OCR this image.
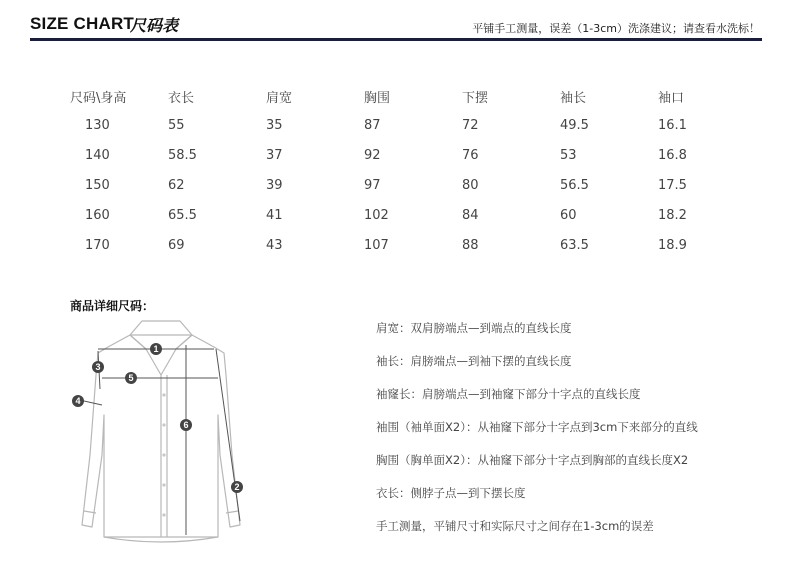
SIZE CHART
尺码表	平铺手工测量，误差（1-3cm）洗涤建议；请查看水洗标！
尺码\身高	衣长	肩宽	胸围	下摆	袖长	袖口
130	55	35	87	72	49.5	16.1
140	58.5	37	92	76	53	16.8
150	62	39	97	80	56.5	17.5
160	65.5	41	102	84	60	18.2
170	69	43	107	88	63.5	18.9
商品详细尺码：
1
2
3
4
5
6
肩宽：双肩膀端点—到端点的直线长度
袖长：肩膀端点—到袖下摆的直线长度
袖窿长：肩膀端点—到袖窿下部分十字点的直线长度
袖围（袖单面X2）：从袖窿下部分十字点到3cm下来部分的直线
胸围（胸单面X2）：从袖窿下部分十字点到胸部的直线长度X2
衣长：侧脖子点—到下摆长度
手工测量，平铺尺寸和实际尺寸之间存在1-3cm的误差
